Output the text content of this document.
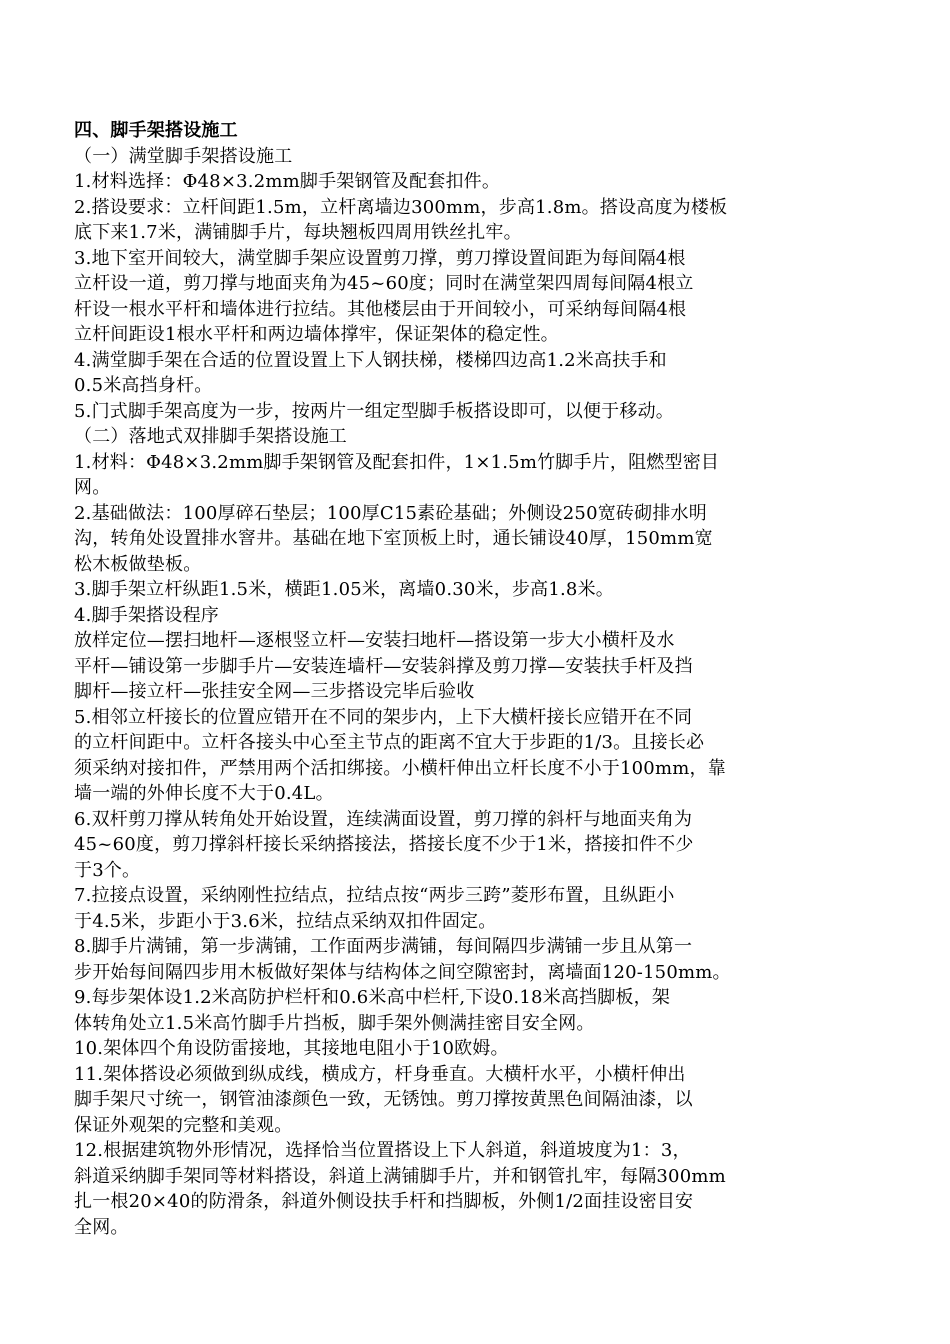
四、脚手架搭设施工
（一）满堂脚手架搭设施工
1.材料选择：Φ48×3.2mm脚手架钢管及配套扣件。
2.搭设要求：立杆间距1.5m，立杆离墙边300mm，步高1.8m。搭设高度为楼板
底下来1.7米，满铺脚手片，每块翘板四周用铁丝扎牢。
3.地下室开间较大，满堂脚手架应设置剪刀撑，剪刀撑设置间距为每间隔4根
立杆设一道，剪刀撑与地面夹角为45~60度；同时在满堂架四周每间隔4根立
杆设一根水平杆和墙体进行拉结。其他楼层由于开间较小，可采纳每间隔4根
立杆间距设1根水平杆和两边墙体撑牢，保证架体的稳定性。
4.满堂脚手架在合适的位置设置上下人钢扶梯，楼梯四边高1.2米高扶手和
0.5米高挡身杆。
5.门式脚手架高度为一步，按两片一组定型脚手板搭设即可，以便于移动。
（二）落地式双排脚手架搭设施工
1.材料：Φ48×3.2mm脚手架钢管及配套扣件，1×1.5m竹脚手片，阻燃型密目
网。
2.基础做法：100厚碎石垫层；100厚C15素砼基础；外侧设250宽砖砌排水明
沟，转角处设置排水窨井。基础在地下室顶板上时，通长铺设40厚，150mm宽
松木板做垫板。
3.脚手架立杆纵距1.5米，横距1.05米，离墙0.30米，步高1.8米。
4.脚手架搭设程序
放样定位—摆扫地杆—逐根竖立杆—安装扫地杆—搭设第一步大小横杆及水
平杆—铺设第一步脚手片—安装连墙杆—安装斜撑及剪刀撑—安装扶手杆及挡
脚杆—接立杆—张挂安全网—三步搭设完毕后验收
5.相邻立杆接长的位置应错开在不同的架步内，上下大横杆接长应错开在不同
的立杆间距中。立杆各接头中心至主节点的距离不宜大于步距的1/3。且接长必
须采纳对接扣件，严禁用两个活扣绑接。小横杆伸出立杆长度不小于100mm，靠
墙一端的外伸长度不大于0.4L。
6.双杆剪刀撑从转角处开始设置，连续满面设置，剪刀撑的斜杆与地面夹角为
45~60度，剪刀撑斜杆接长采纳搭接法，搭接长度不少于1米，搭接扣件不少
于3个。
7.拉接点设置，采纳刚性拉结点，拉结点按“两步三跨”菱形布置，且纵距小
于4.5米，步距小于3.6米，拉结点采纳双扣件固定。
8.脚手片满铺，第一步满铺，工作面两步满铺，每间隔四步满铺一步且从第一
步开始每间隔四步用木板做好架体与结构体之间空隙密封，离墙面120-150mm。
9.每步架体设1.2米高防护栏杆和0.6米高中栏杆,下设0.18米高挡脚板，架
体转角处立1.5米高竹脚手片挡板，脚手架外侧满挂密目安全网。
10.架体四个角设防雷接地，其接地电阻小于10欧姆。
11.架体搭设必须做到纵成线，横成方，杆身垂直。大横杆水平，小横杆伸出
脚手架尺寸统一，钢管油漆颜色一致，无锈蚀。剪刀撑按黄黑色间隔油漆，以
保证外观架的完整和美观。
12.根据建筑物外形情况，选择恰当位置搭设上下人斜道，斜道坡度为1：3，
斜道采纳脚手架同等材料搭设，斜道上满铺脚手片，并和钢管扎牢，每隔300mm
扎一根20×40的防滑条，斜道外侧设扶手杆和挡脚板，外侧1/2面挂设密目安
全网。
